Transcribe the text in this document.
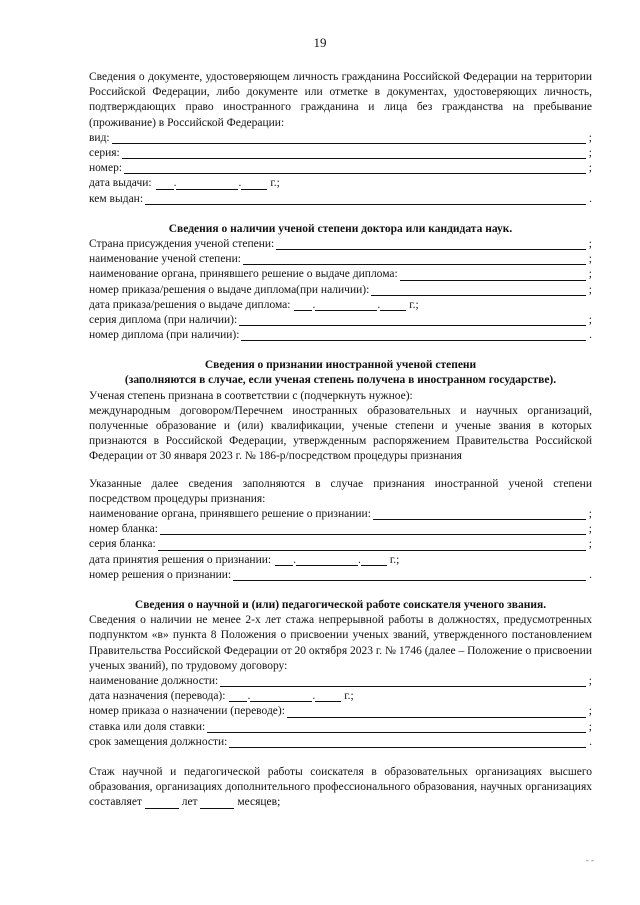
19

Сведения о документе, удостоверяющем личность гражданина Российской Федерации на территории Российской Федерации, либо документе или отметке в документах, удостоверяющих личность, подтверждающих право иностранного гражданина и лица без гражданства на пребывание (проживание) в Российской Федерации:

вид:	;
серия:	;
номер:	;
дата выдачи: .	.	г.;
кем выдан:	.

Сведения о наличии ученой степени доктора или кандидата наук.

Страна присуждения ученой степени:	;
наименование ученой степени:	;
наименование органа, принявшего решение о выдаче диплома:	;
номер приказа/решения о выдаче диплома(при наличии):	;
дата приказа/решения о выдаче диплома: .	.	г.;
серия диплома (при наличии):	;
номер диплома (при наличии):	.

Сведения о признании иностранной ученой степени

(заполняются в случае, если ученая степень получена в иностранном государстве).

Ученая степень признана в соответствии с (подчеркнуть нужное):

международным договором/Перечнем иностранных образовательных и научных организаций, полученные образование и (или) квалификации, ученые степени и ученые звания в которых признаются в Российской Федерации, утвержденным распоряжением Правительства Российской Федерации от 30 января 2023 г. № 186-р/посредством процедуры признания

Указанные далее сведения заполняются в случае признания иностранной ученой степени посредством процедуры признания:

наименование органа, принявшего решение о признании:	;
номер бланка:	;
серия бланка:	;
дата принятия решения о признании: .	.	г.;
номер решения о признании:	.

Сведения о научной и (или) педагогической работе соискателя ученого звания.

Сведения о наличии не менее 2-х лет стажа непрерывной работы в должностях, предусмотренных подпунктом «в» пункта 8 Положения о присвоении ученых званий, утвержденного постановлением Правительства Российской Федерации от 20 октября 2023 г. № 1746 (далее – Положение о присвоении ученых званий), по трудовому договору:

наименование должности:	;
дата назначения (перевода): .	.	г.;
номер приказа о назначении (переводе):	;
ставка или доля ставки:	;
срок замещения должности:	.

Стаж научной и педагогической работы соискателя в образовательных организациях высшего образования, организациях дополнительного профессионального образования, научных организациях составляет	лет	месяцев;

- -
